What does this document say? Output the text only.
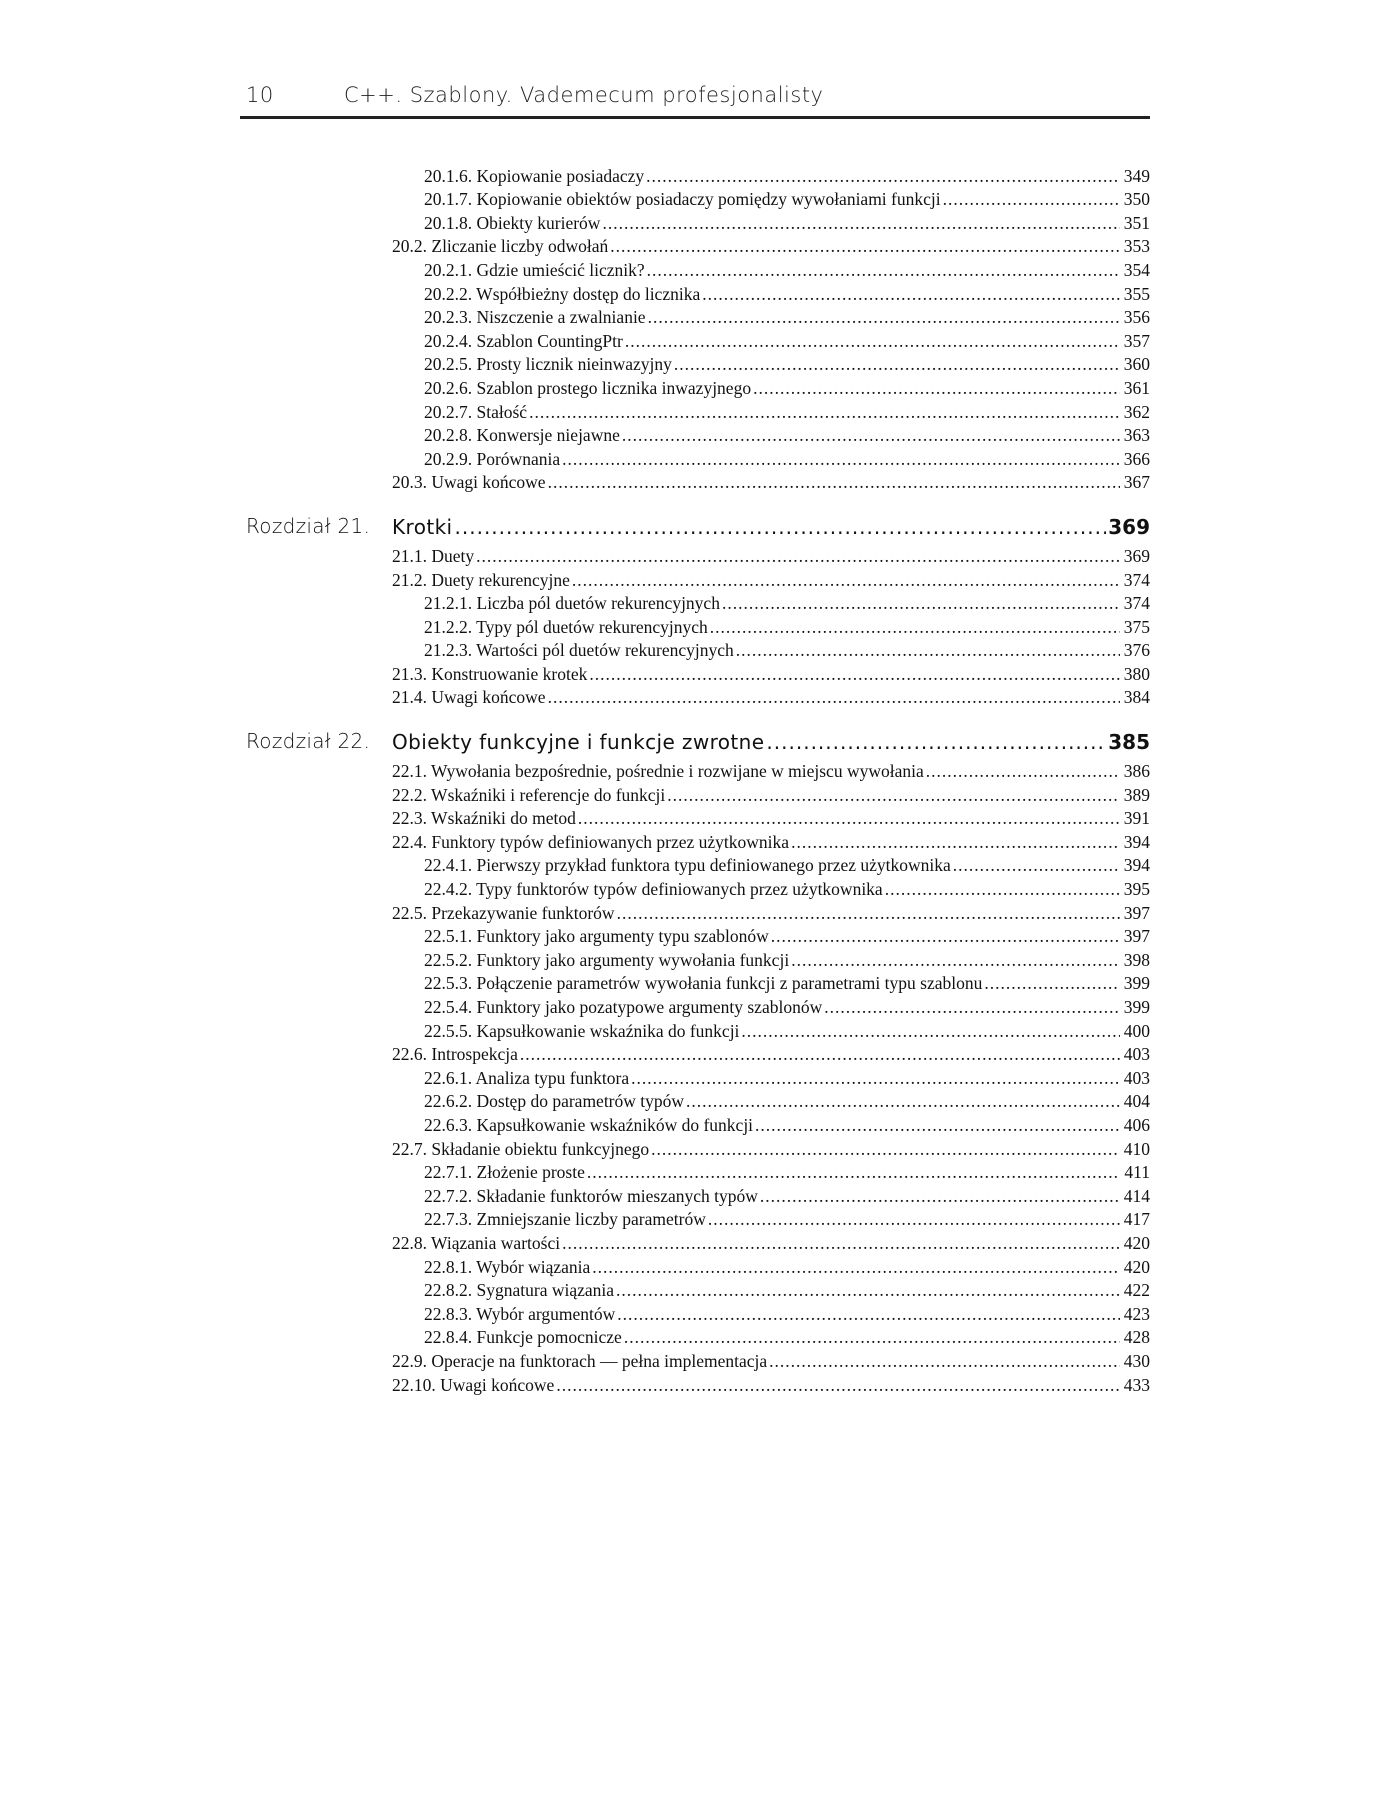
10	C++. Szablony. Vademecum profesjonalisty
20.1.6. Kopiowanie posiadaczy .....	349
20.1.7. Kopiowanie obiektów posiadaczy pomiędzy wywołaniami funkcji .....	350
20.1.8. Obiekty kurierów .....	351
20.2. Zliczanie liczby odwołań .....	353
20.2.1. Gdzie umieścić licznik? .....	354
20.2.2. Współbieżny dostęp do licznika .....	355
20.2.3. Niszczenie a zwalnianie .....	356
20.2.4. Szablon CountingPtr .....	357
20.2.5. Prosty licznik nieinwazyjny .....	360
20.2.6. Szablon prostego licznika inwazyjnego .....	361
20.2.7. Stałość .....	362
20.2.8. Konwersje niejawne .....	363
20.2.9. Porównania .....	366
20.3. Uwagi końcowe .....	367
Rozdział 21. Krotki .....	369
21.1. Duety .....	369
21.2. Duety rekurencyjne .....	374
21.2.1. Liczba pól duetów rekurencyjnych .....	374
21.2.2. Typy pól duetów rekurencyjnych .....	375
21.2.3. Wartości pól duetów rekurencyjnych .....	376
21.3. Konstruowanie krotek .....	380
21.4. Uwagi końcowe .....	384
Rozdział 22. Obiekty funkcyjne i funkcje zwrotne .....	385
22.1. Wywołania bezpośrednie, pośrednie i rozwijane w miejscu wywołania .....	386
22.2. Wskaźniki i referencje do funkcji .....	389
22.3. Wskaźniki do metod .....	391
22.4. Funktory typów definiowanych przez użytkownika .....	394
22.4.1. Pierwszy przykład funktora typu definiowanego przez użytkownika .....	394
22.4.2. Typy funktorów typów definiowanych przez użytkownika .....	395
22.5. Przekazywanie funktorów .....	397
22.5.1. Funktory jako argumenty typu szablonów .....	397
22.5.2. Funktory jako argumenty wywołania funkcji .....	398
22.5.3. Połączenie parametrów wywołania funkcji z parametrami typu szablonu .....	399
22.5.4. Funktory jako pozatypowe argumenty szablonów .....	399
22.5.5. Kapsułkowanie wskaźnika do funkcji .....	400
22.6. Introspekcja .....	403
22.6.1. Analiza typu funktora .....	403
22.6.2. Dostęp do parametrów typów .....	404
22.6.3. Kapsułkowanie wskaźników do funkcji .....	406
22.7. Składanie obiektu funkcyjnego .....	410
22.7.1. Złożenie proste .....	411
22.7.2. Składanie funktorów mieszanych typów .....	414
22.7.3. Zmniejszanie liczby parametrów .....	417
22.8. Wiązania wartości .....	420
22.8.1. Wybór wiązania .....	420
22.8.2. Sygnatura wiązania .....	422
22.8.3. Wybór argumentów .....	423
22.8.4. Funkcje pomocnicze .....	428
22.9. Operacje na funktorach — pełna implementacja .....	430
22.10. Uwagi końcowe .....	433
